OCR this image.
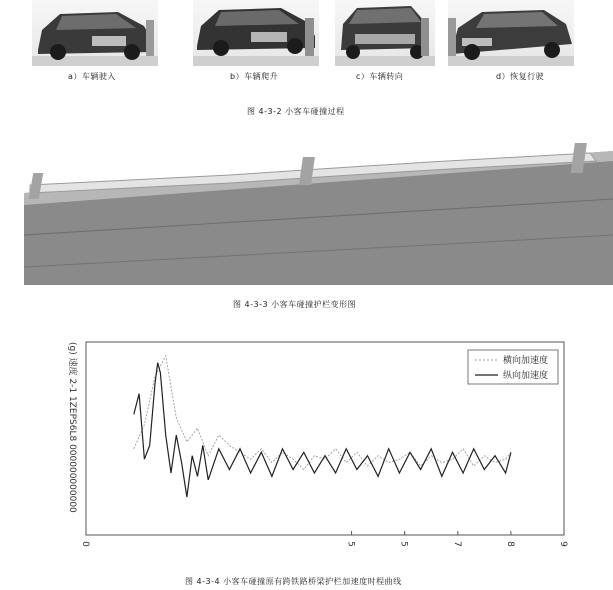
a）车辆驶入	b）车辆爬升	c）车辆转向	d）恢复行驶
图 4-3-2 小客车碰撞过程
图 4-3-3 小客车碰撞护栏变形图
(g) 速度 2-1 1ZEPS6L8 000000000000
0	5	5	7	8	9
横向加速度
纵向加速度
图 4-3-4 小客车碰撞原有跨铁路桥梁护栏加速度时程曲线
